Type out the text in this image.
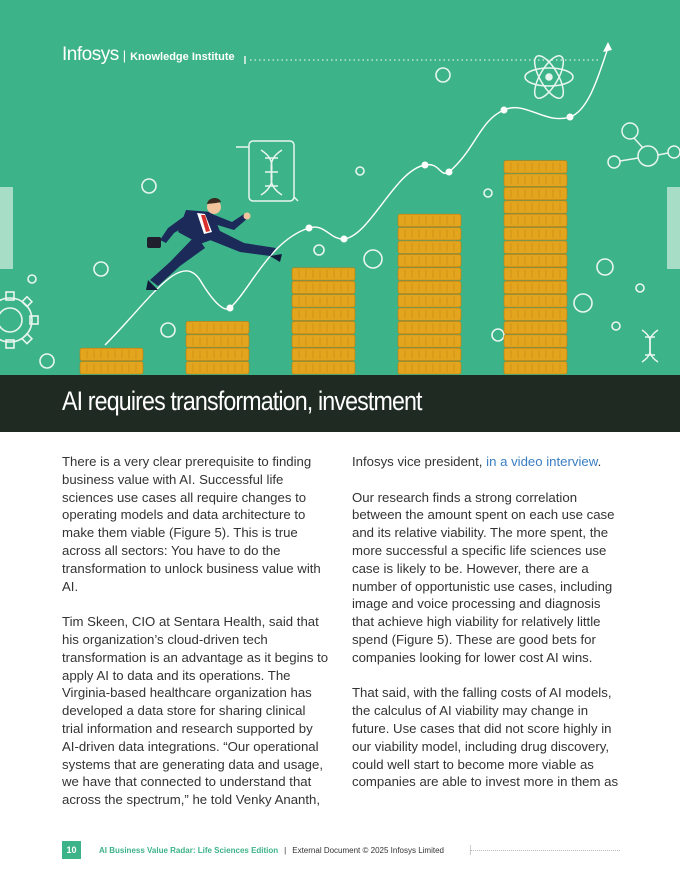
Infosys | Knowledge Institute
AI requires transformation, investment

There is a very clear prerequisite to finding business value with AI. Successful life sciences use cases all require changes to operating models and data architecture to make them viable (Figure 5). This is true across all sectors: You have to do the transformation to unlock business value with AI.

Tim Skeen, CIO at Sentara Health, said that his organization’s cloud-driven tech transformation is an advantage as it begins to apply AI to data and its operations. The Virginia-based healthcare organization has developed a data store for sharing clinical trial information and research supported by AI-driven data integrations. “Our operational systems that are generating data and usage, we have that connected to understand that across the spectrum,” he told Venky Ananth,

Infosys vice president, in a video interview.

Our research finds a strong correlation between the amount spent on each use case and its relative viability. The more spent, the more successful a specific life sciences use case is likely to be. However, there are a number of opportunistic use cases, including image and voice processing and diagnosis that achieve high viability for relatively little spend (Figure 5). These are good bets for companies looking for lower cost AI wins.

That said, with the falling costs of AI models, the calculus of AI viability may change in future. Use cases that did not score highly in our viability model, including drug discovery, could well start to become more viable as companies are able to invest more in them as

10	AI Business Value Radar: Life Sciences Edition | External Document © 2025 Infosys Limited
